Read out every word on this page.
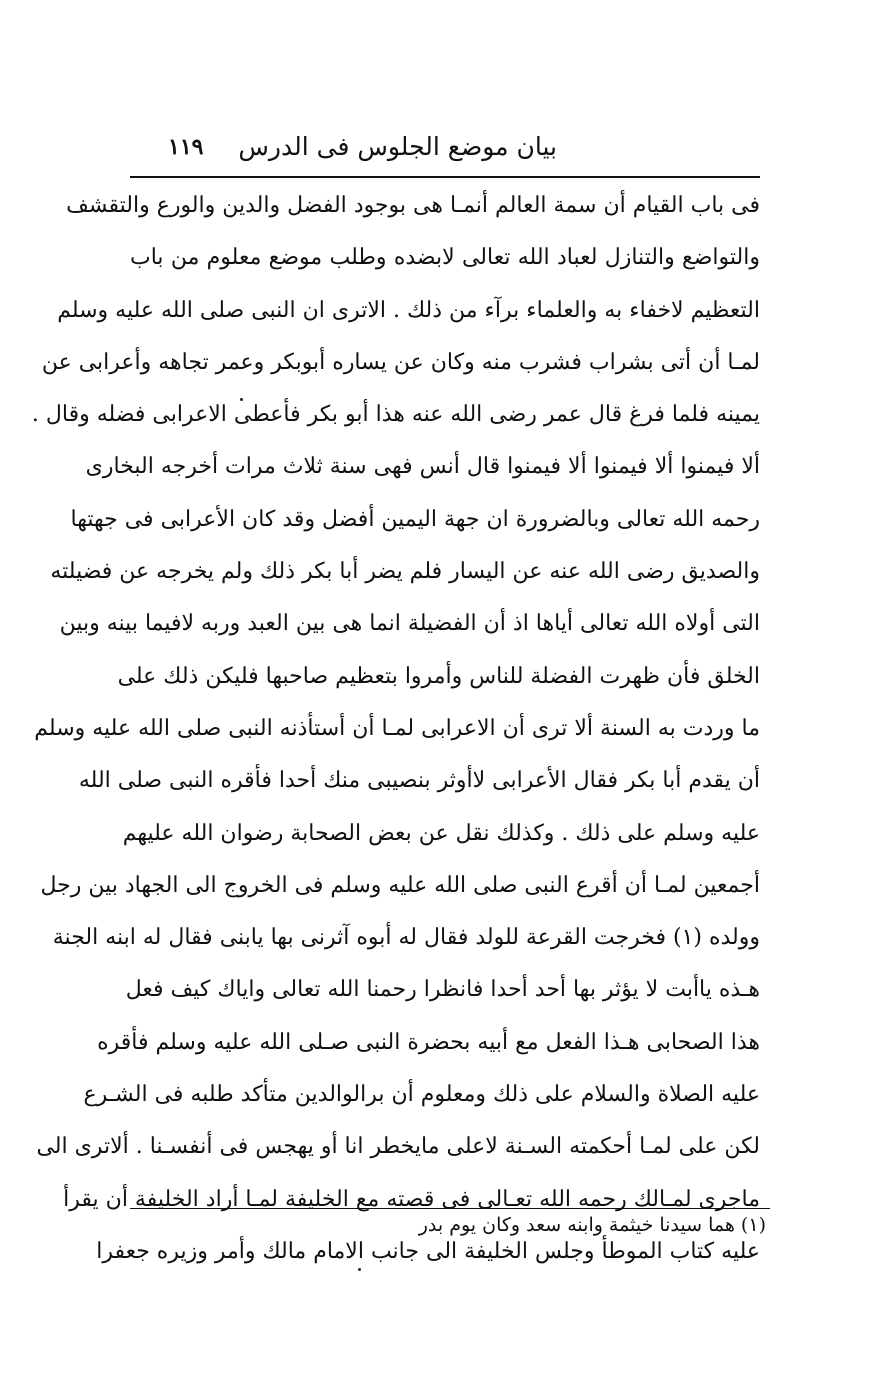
بيان موضع الجلوس فى الدرس
١١٩
فى باب القيام أن سمة العالم أنمـا هى بوجود الفضل والدين والورع والتقشف
والتواضع والتنازل لعباد الله تعالى لابضده وطلب موضع معلوم من باب
التعظيم لاخفاء به والعلماء برآء من ذلك . الاترى ان النبى صلى الله عليه وسلم
لمـا أن أتى بشراب فشرب منه وكان عن يساره أبوبكر وعمر تجاهه وأعرابى عن
يمينه فلما فرغ قال عمر رضى الله عنه هذا أبو بكر فأعطى الاعرابى فضله وقال .
ألا فيمنوا ألا فيمنوا ألا فيمنوا قال أنس فهى سنة ثلاث مرات أخرجه البخارى
رحمه الله تعالى وبالضرورة ان جهة اليمين أفضل وقد كان الأعرابى فى جهتها
والصديق رضى الله عنه عن اليسار فلم يضر أبا بكر ذلك ولم يخرجه عن فضيلته
التى أولاه الله تعالى أياها اذ أن الفضيلة انما هى بين العبد وربه لافيما بينه وبين
الخلق فأن ظهرت الفضلة للناس وأمروا بتعظيم صاحبها فليكن ذلك على
ما وردت به السنة ألا ترى أن الاعرابى لمـا أن أستأذنه النبى صلى الله عليه وسلم
أن يقدم أبا بكر فقال الأعرابى لاأوثر بنصيبى منك أحدا فأقره النبى صلى الله
عليه وسلم على ذلك . وكذلك نقل عن بعض الصحابة رضوان الله عليهم
أجمعين لمـا أن أقرع النبى صلى الله عليه وسلم فى الخروج الى الجهاد بين رجل
وولده (١) فخرجت القرعة للولد فقال له أبوه آثرنى بها يابنى فقال له ابنه الجنة
هـذه ياأبت لا يؤثر بها أحد أحدا فانظرا رحمنا الله تعالى واياك كيف فعل
هذا الصحابى هـذا الفعل مع أبيه بحضرة النبى صـلى الله عليه وسلم فأقره
عليه الصلاة والسلام على ذلك ومعلوم أن برالوالدين متأكد طلبه فى الشـرع
لكن على لمـا أحكمته السـنة لاعلى مايخطر انا أو يهجس فى أنفسـنا . ألاترى الى
ماجرى لمـالك رحمه الله تعـالى فى قصته مع الخليفة لمـا أراد الخليفة أن يقرأ
عليه كتاب الموطأ وجلس الخليفة الى جانب الامام مالك وأمر وزيره جعفرا
(١) هما سيدنا خيثمة وابنه سعد وكان يوم بدر
